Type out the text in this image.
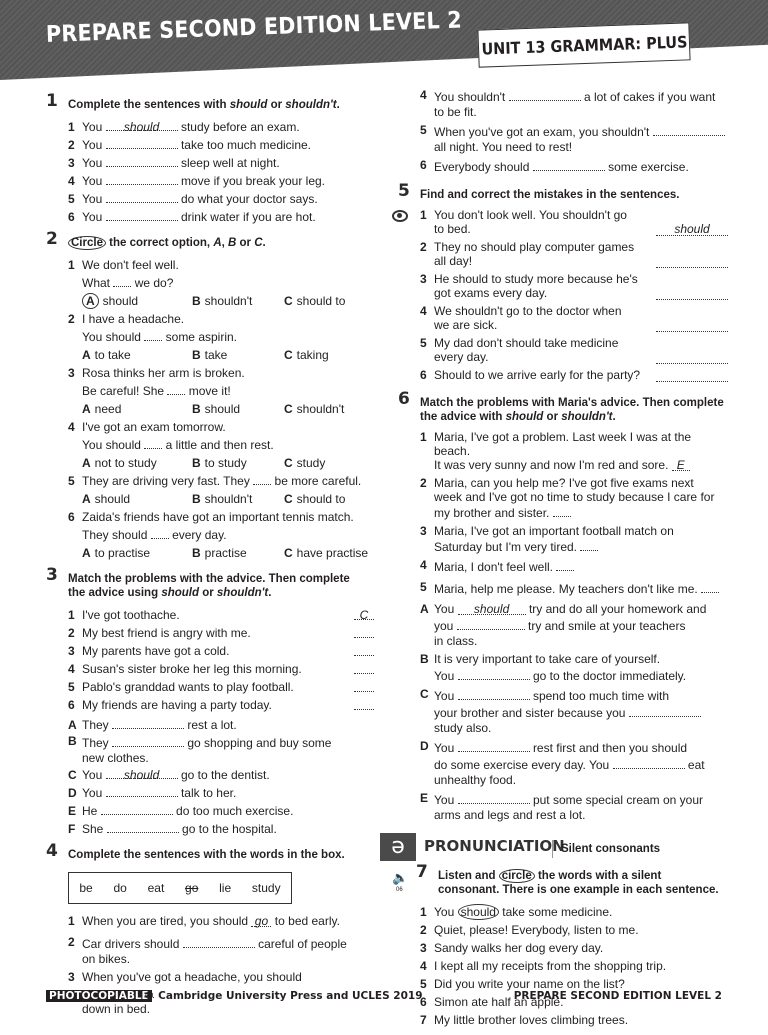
PREPARE SECOND EDITION LEVEL 2 UNIT 13 GRAMMAR: PLUS
1 Complete the sentences with should or shouldn't.
1 You should study before an exam.
2 You	take too much medicine.
3 You	sleep well at night.
4 You	move if you break your leg.
5 You	do what your doctor says.
6 You	drink water if you are hot.
2 Circle the correct option, A, B or C.
1 We don't feel well.
What we do?
A should	B shouldn't	C should to
2 I have a headache.
You should some aspirin.
A to take	B take	C taking
3 Rosa thinks her arm is broken.
Be careful! She move it!
A need	B should	C shouldn't
4 I've got an exam tomorrow.
You should a little and then rest.
A not to study	B to study	C study
5 They are driving very fast. They be more careful.
A should	B shouldn't	C should to
6 Zaida's friends have got an important tennis match.
They should every day.
A to practise	B practise	C have practise
3 Match the problems with the advice. Then complete
the advice using should or shouldn't.
1 I've got toothache.	C
2 My best friend is angry with me.
3 My parents have got a cold.
4 Susan's sister broke her leg this morning.
5 Pablo's granddad wants to play football.
6 My friends are having a party today.
A They	rest a lot.
B They	go shopping and buy some
new clothes.
C You should go to the dentist.
D You	talk to her.
E He	do too much exercise.
F She	go to the hospital.
4 Complete the sentences with the words in the box.
be do eat go lie study
1 When you are tired, you should go to bed early.
2 Car drivers should	careful of people
on bikes.
3 When you've got a headache, you should
down in bed.
4 You shouldn't	a lot of cakes if you want
to be fit.
5 When you've got an exam, you shouldn't
all night. You need to rest!
6 Everybody should	some exercise.
5 Find and correct the mistakes in the sentences.
1 You don't look well. You shouldn't go
to bed.	should
2 They no should play computer games
all day!
3 He should to study more because he's
got exams every day.
4 We shouldn't go to the doctor when
we are sick.
5 My dad don't should take medicine
every day.
6 Should to we arrive early for the party?
6 Match the problems with Maria's advice. Then complete
the advice with should or shouldn't.
1 Maria, I've got a problem. Last week I was at the beach.
It was very sunny and now I'm red and sore. E
2 Maria, can you help me? I've got five exams next
week and I've got no time to study because I care for
my brother and sister.
3 Maria, I've got an important football match on
Saturday but I'm very tired.
4 Maria, I don't feel well.
5 Maria, help me please. My teachers don't like me.
A You should try and do all your homework and
you	try and smile at your teachers
in class.
B It is very important to take care of yourself.
You	go to the doctor immediately.
C You	spend too much time with
your brother and sister because you
study also.
D You	rest first and then you should
do some exercise every day. You	eat
unhealthy food.
E You	put some special cream on your
arms and legs and rest a lot.
ə	PRONUNCIATION
Silent consonants
🔈
06
7 Listen and circle the words with a silent
consonant. There is one example in each sentence.
1 You should take some medicine.
2 Quiet, please! Everybody, listen to me.
3 Sandy walks her dog every day.
4 I kept all my receipts from the shopping trip.
5 Did you write your name on the list?
6 Simon ate half an apple.
7 My little brother loves climbing trees.
PHOTOCOPIABLE
© Cambridge University Press and UCLES 2019	PREPARE SECOND EDITION LEVEL 2
